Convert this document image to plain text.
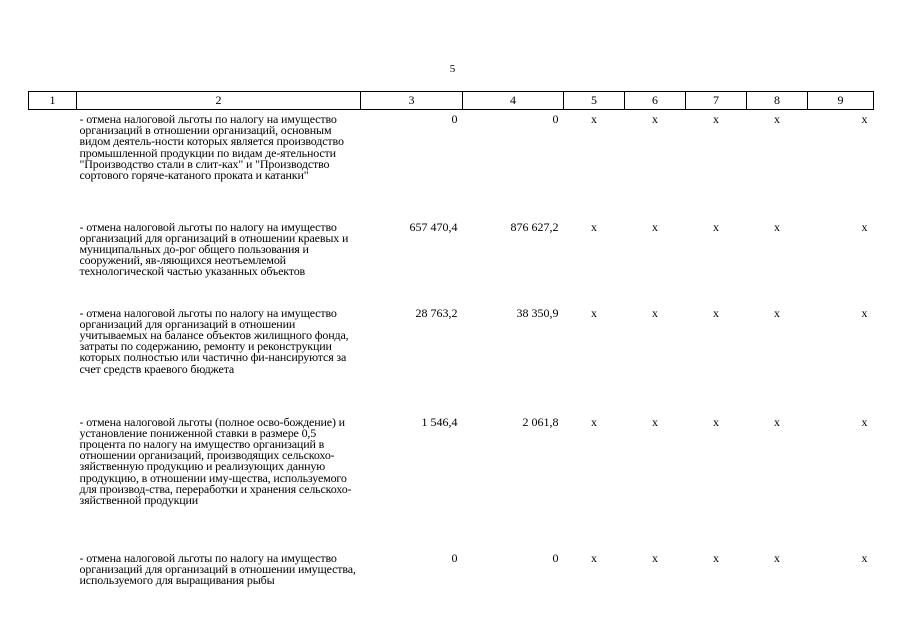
5
1	2	3	4	5	6	7	8	9

	- отмена налоговой льготы по налогу на имущество организаций в отношении организаций, основным видом деятель-ности которых является производство промышленной продукции по видам де-ятельности "Производство стали в слит-ках" и "Производство сортового горяче-катаного проката и катанки"	0	0	x	x	x	x	x

	- отмена налоговой льготы по налогу на имущество организаций для организаций в отношении краевых и муниципальных до-рог общего пользования и сооружений, яв-ляющихся неотъемлемой технологической частью указанных объектов	657 470,4	876 627,2	x	x	x	x	x

	- отмена налоговой льготы по налогу на имущество организаций для организаций в отношении учитываемых на балансе объектов жилищного фонда, затраты по содержанию, ремонту и реконструкции которых полностью или частично фи-нансируются за счет средств краевого бюджета	28 763,2	38 350,9	x	x	x	x	x

	- отмена налоговой льготы (полное осво-бождение) и установление пониженной ставки в размере 0,5 процента по налогу на имущество организаций в отношении организаций, производящих сельскохо-зяйственную продукцию и реализующих данную продукцию, в отношении иму-щества, используемого для производ-ства, переработки и хранения сельскохо-зяйственной продукции	1 546,4	2 061,8	x	x	x	x	x

	- отмена налоговой льготы по налогу на имущество организаций для организаций в отношении имущества, используемого для выращивания рыбы	0	0	x	x	x	x	x
